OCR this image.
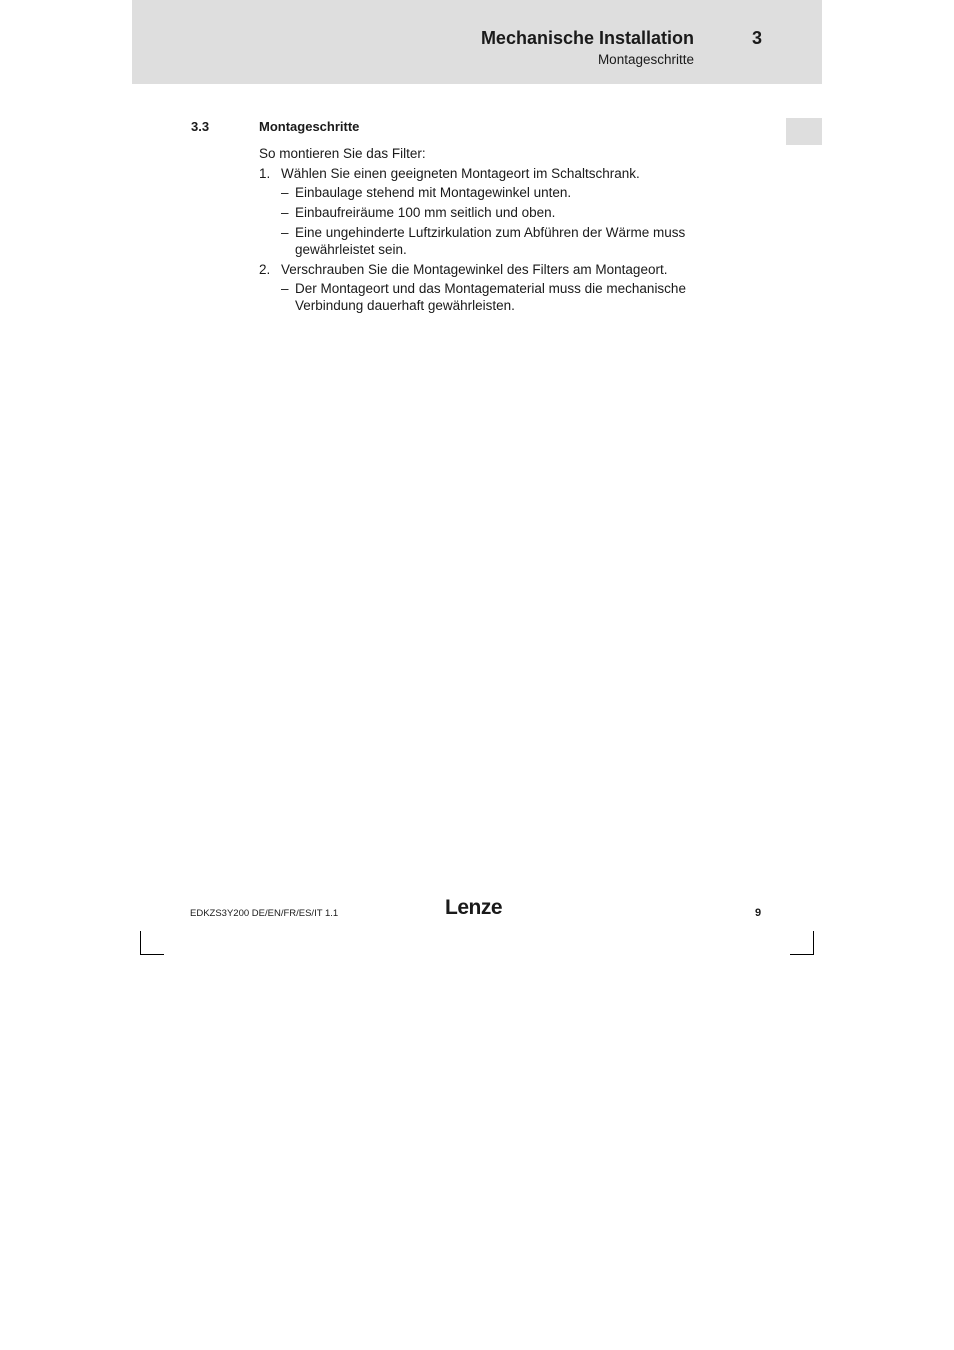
Mechanische Installation	3
Montageschritte
3.3	Montageschritte

So montieren Sie das Filter:

1. Wählen Sie einen geeigneten Montageort im Schaltschrank.
– Einbaulage stehend mit Montagewinkel unten.
– Einbaufreiräume 100 mm seitlich und oben.
– Eine ungehinderte Luftzirkulation zum Abführen der Wärme muss gewährleistet sein.
2. Verschrauben Sie die Montagewinkel des Filters am Montageort.
– Der Montageort und das Montagematerial muss die mechanische Verbindung dauerhaft gewährleisten.
EDKZS3Y200 DE/EN/FR/ES/IT 1.1	Lenze	9
